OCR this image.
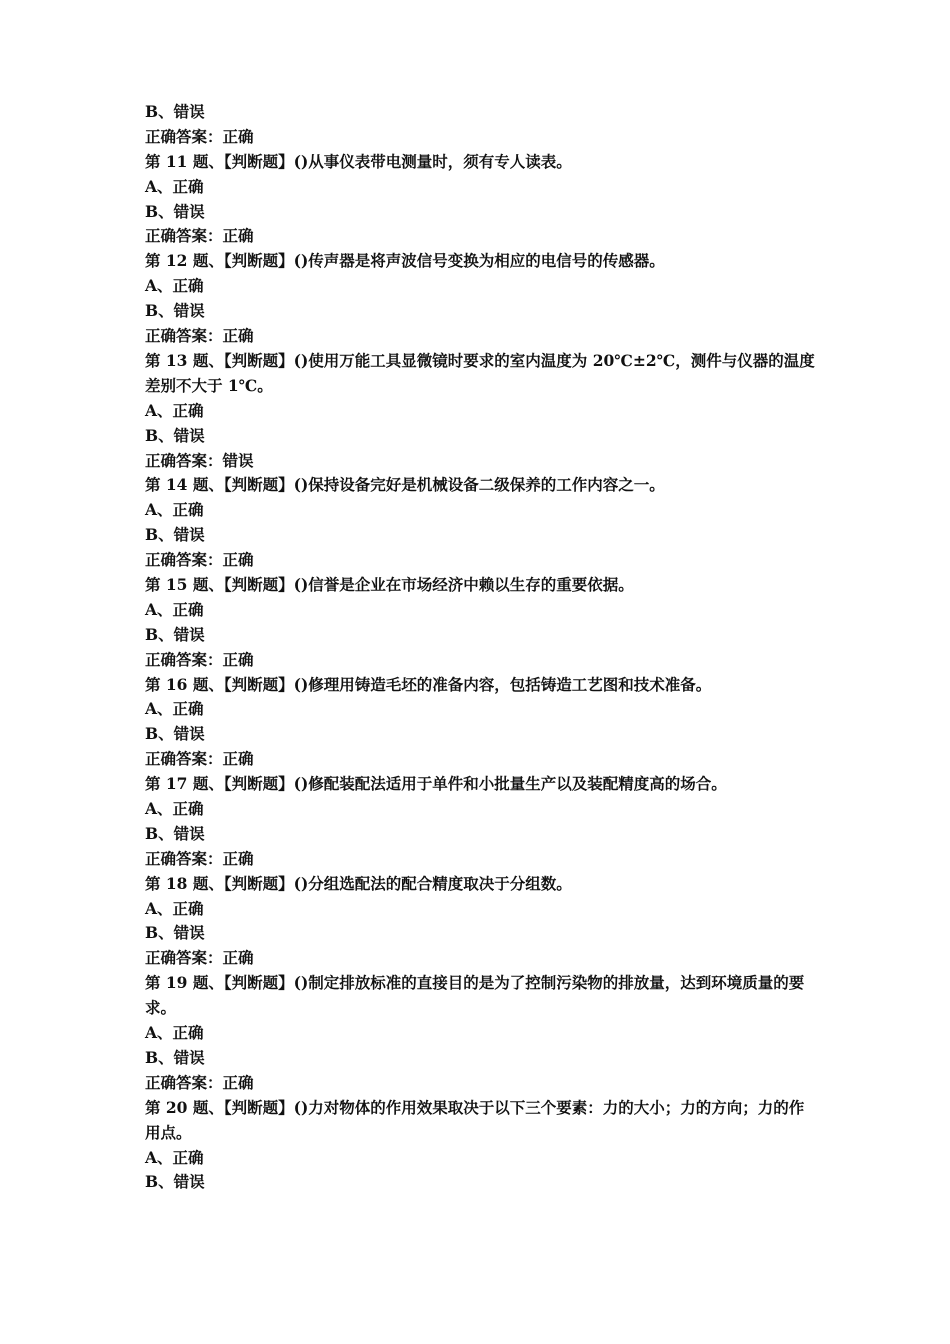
B、错误
正确答案：正确
第 11 题、【判断题】()从事仪表带电测量时，须有专人读表。
A、正确
B、错误
正确答案：正确
第 12 题、【判断题】()传声器是将声波信号变换为相应的电信号的传感器。
A、正确
B、错误
正确答案：正确
第 13 题、【判断题】()使用万能工具显微镜时要求的室内温度为 20℃±2℃，测件与仪器的温度差别不大于 1℃。
A、正确
B、错误
正确答案：错误
第 14 题、【判断题】()保持设备完好是机械设备二级保养的工作内容之一。
A、正确
B、错误
正确答案：正确
第 15 题、【判断题】()信誉是企业在市场经济中赖以生存的重要依据。
A、正确
B、错误
正确答案：正确
第 16 题、【判断题】()修理用铸造毛坯的准备内容，包括铸造工艺图和技术准备。
A、正确
B、错误
正确答案：正确
第 17 题、【判断题】()修配装配法适用于单件和小批量生产以及装配精度高的场合。
A、正确
B、错误
正确答案：正确
第 18 题、【判断题】()分组选配法的配合精度取决于分组数。
A、正确
B、错误
正确答案：正确
第 19 题、【判断题】()制定排放标准的直接目的是为了控制污染物的排放量，达到环境质量的要求。
A、正确
B、错误
正确答案：正确
第 20 题、【判断题】()力对物体的作用效果取决于以下三个要素：力的大小；力的方向；力的作用点。
A、正确
B、错误
